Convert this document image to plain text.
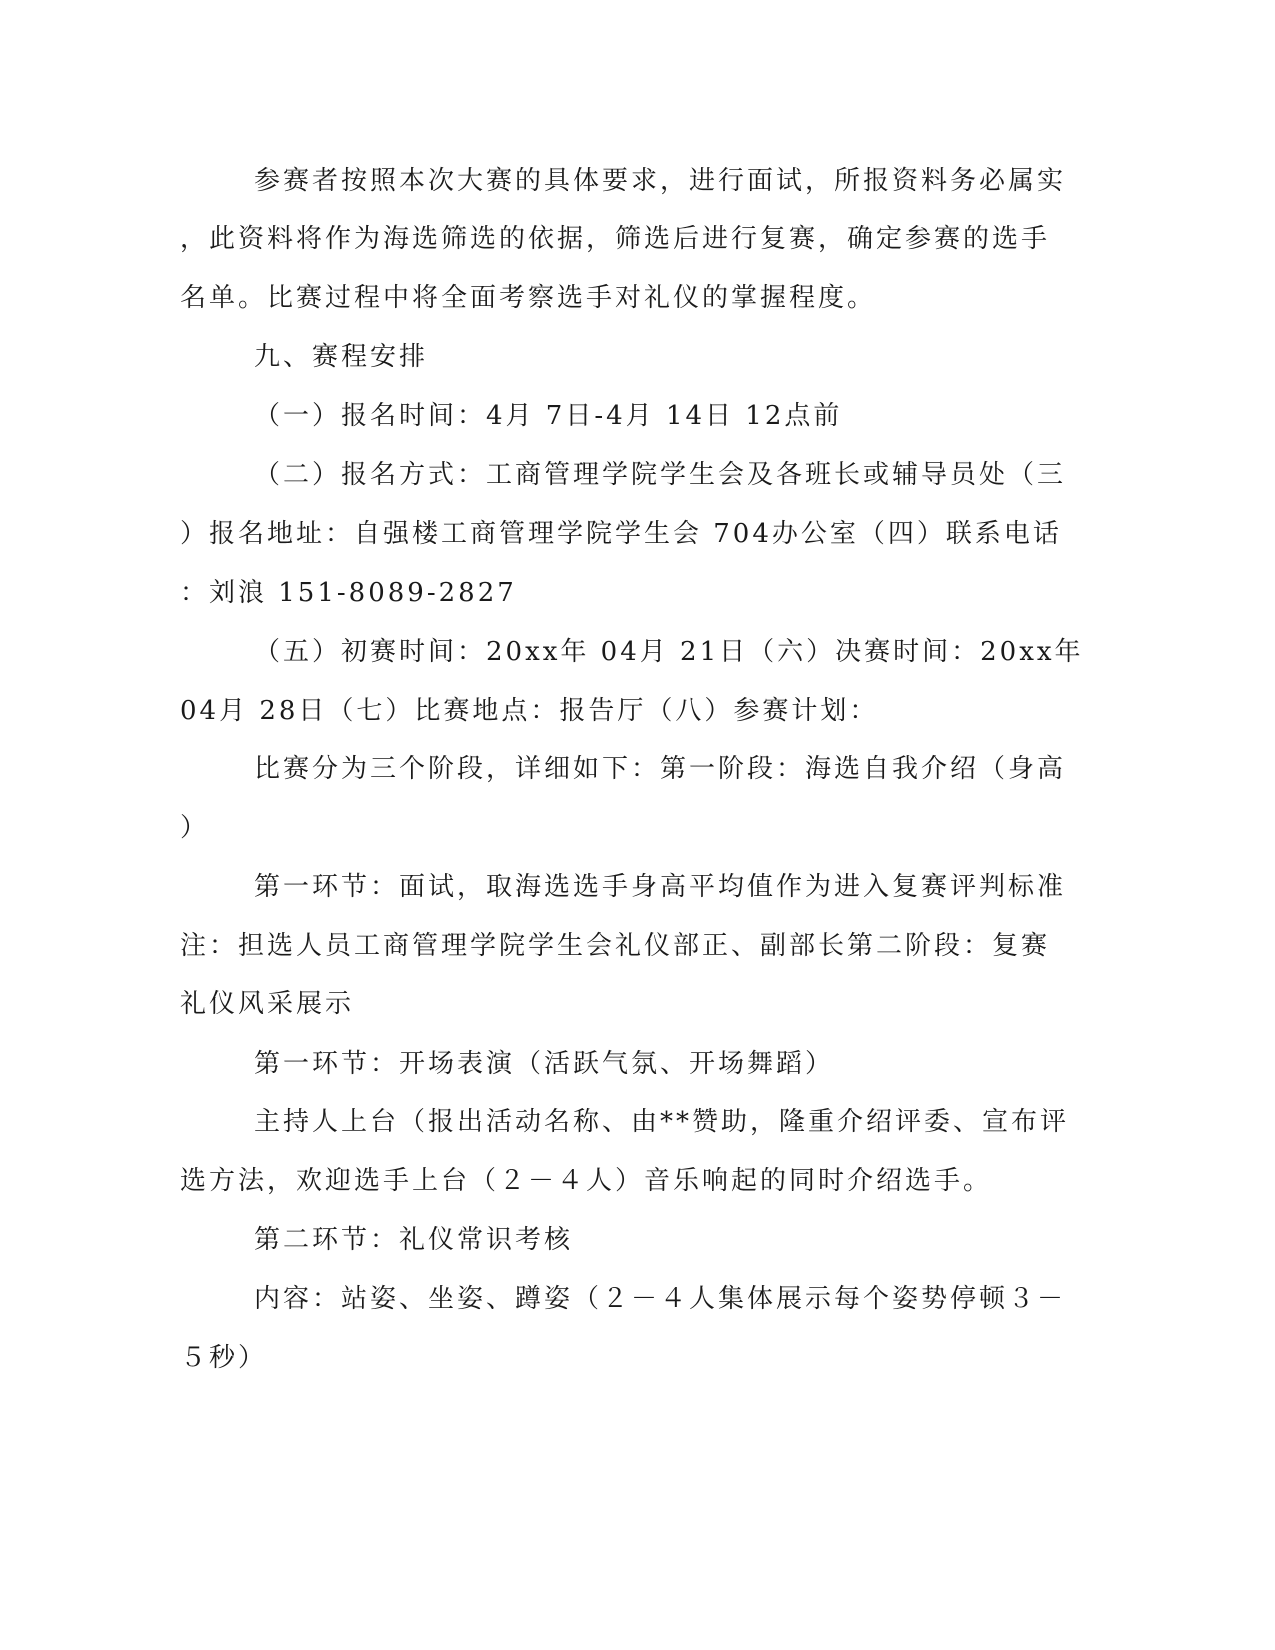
参赛者按照本次大赛的具体要求，进行面试，所报资料务必属实
，此资料将作为海选筛选的依据，筛选后进行复赛，确定参赛的选手
名单。比赛过程中将全面考察选手对礼仪的掌握程度。
九、赛程安排
（一）报名时间：4月 7日-4月 14日 12点前
（二）报名方式：工商管理学院学生会及各班长或辅导员处（三
）报名地址：自强楼工商管理学院学生会 704办公室（四）联系电话
：刘浪 151-8089-2827
（五）初赛时间：20xx年 04月 21日（六）决赛时间：20xx年
04月 28日（七）比赛地点：报告厅（八）参赛计划：
比赛分为三个阶段，详细如下：第一阶段：海选自我介绍（身高
）
第一环节：面试，取海选选手身高平均值作为进入复赛评判标准
注：担选人员工商管理学院学生会礼仪部正、副部长第二阶段：复赛
礼仪风采展示
第一环节：开场表演（活跃气氛、开场舞蹈）
主持人上台（报出活动名称、由**赞助，隆重介绍评委、宣布评
选方法，欢迎选手上台（２－４人）音乐响起的同时介绍选手。
第二环节：礼仪常识考核
内容：站姿、坐姿、蹲姿（２－４人集体展示每个姿势停顿３－
５秒）
